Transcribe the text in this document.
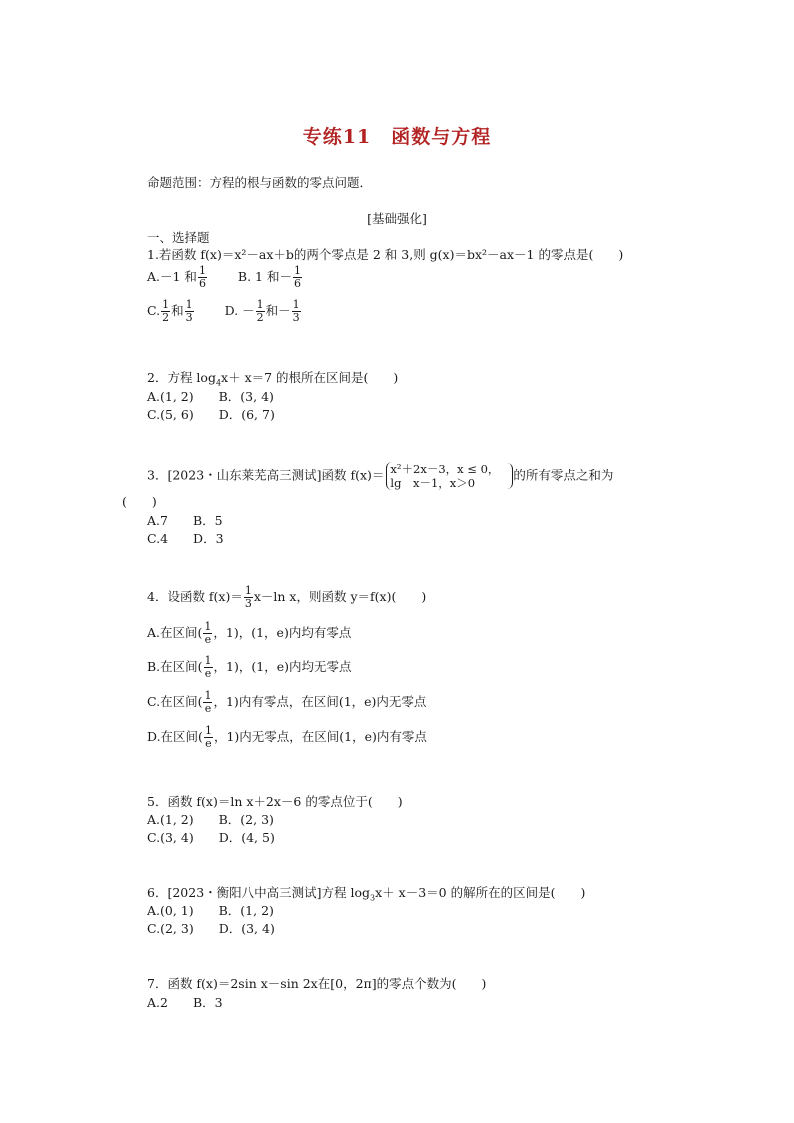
专练11　函数与方程
命题范围：方程的根与函数的零点问题．
[基础强化]
一、选择题
1.若函数 f(x)＝x²－ax＋b的两个零点是 2 和 3,则 g(x)＝bx²－ax－1 的零点是(　　)
A.－1 和 $\frac{1}{6} B$. 1 和－ $\frac{1}{6}$
C. $\frac{1}{2}$ 和 $\frac{1}{3} D$. － $\frac{1}{2}$ 和－ $\frac{1}{3}$
2．方程 $\log_4x+ x=7$ 的根所在区间是(　　)
A.(1, 2)　　B．(3, 4)
C.(5, 6)　　D．(6, 7)
3．[2023・山东莱芜高三测试]函数 f(x)＝ x²＋2x－3，x ≤ 0，
lg　x－1，x＞0
的所有零点之和为
(　　)
A.7　　B．5
C.4　　D．3
4．设函数 $f(x)= \frac{1}{3} x-\ln$ x，则函数 y＝f(x)(　　)
A.在区间( $\frac{1}{e}$ ，1)，(1，e)内均有零点
B.在区间( $\frac{1}{e}$ ，1)，(1，e)内均无零点
C.在区间( $\frac{1}{e}$ ，1)内有零点，在区间(1，e)内无零点
D.在区间( $\frac{1}{e}$ ，1)内无零点，在区间(1，e)内有零点
5．函数 f(x)＝ln x＋2x－6 的零点位于(　　)
A.(1, 2)　　B．(2, 3)
C.(3, 4)　　D．(4, 5)
6．[2023・衡阳八中高三测试]方程 $\log_3x+ x-3=0$ 的解所在的区间是(　　)
A.(0, 1)　　B．(1, 2)
C.(2, 3)　　D．(3, 4)
7．函数 f(x)＝2sin x－sin 2x在[0，2π]的零点个数为(　　)
A.2　　B．3
